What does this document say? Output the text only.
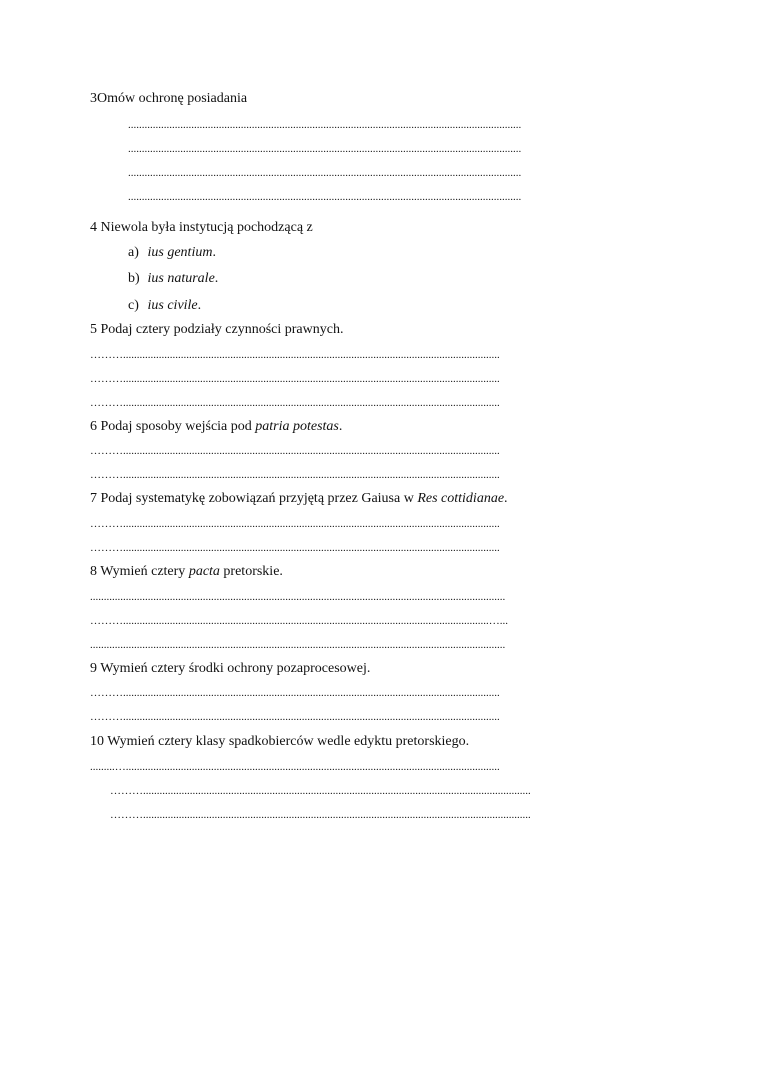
3Omów ochronę posiadania
...............................................................................................................................................
...............................................................................................................................................
...............................................................................................................................................
...............................................................................................................................................
4 Niewola była instytucją pochodzącą z
a) ius gentium.
b) ius naturale.
c) ius civile.
5 Podaj cztery podziały czynności prawnych.
……….........................................................................................................................................
……….........................................................................................................................................
……….........................................................................................................................................
6 Podaj sposoby wejścia pod patria potestas.
……….........................................................................................................................................
……….........................................................................................................................................
7 Podaj systematykę zobowiązań przyjętą przez Gaiusa w Res cottidianae.
……….........................................................................................................................................
……….........................................................................................................................................
8 Wymień cztery pacta pretorskie.
.......................................................................................................................................................
……….....................................................................................................................................…...
.......................................................................................................................................................
9 Wymień cztery środki ochrony pozaprocesowej.
……….........................................................................................................................................
……….........................................................................................................................................
10 Wymień cztery klasy spadkobierców wedle edyktu pretorskiego.
.........…........................................................................................................................................
……….............................................................................................................................................
……….............................................................................................................................................
